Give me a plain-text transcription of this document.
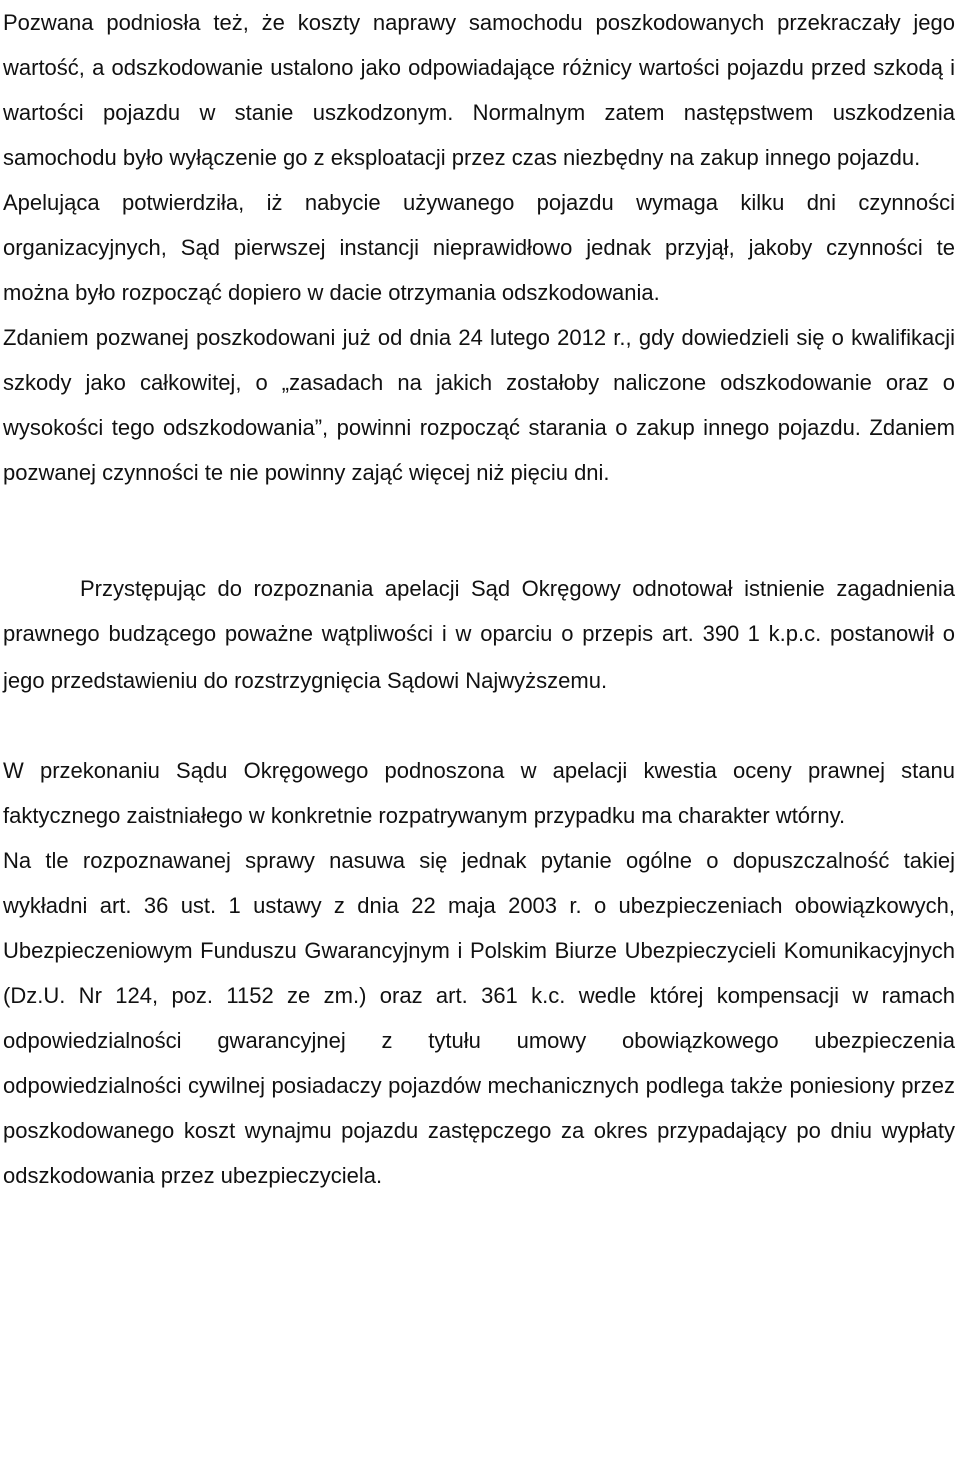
Pozwana podniosła też, że koszty naprawy samochodu poszkodowanych przekraczały jego wartość, a odszkodowanie ustalono jako odpowiadające różnicy wartości pojazdu przed szkodą i wartości pojazdu w stanie uszkodzonym. Normalnym zatem następstwem uszkodzenia samochodu było wyłączenie go z eksploatacji przez czas niezbędny na zakup innego pojazdu.

Apelująca potwierdziła, iż nabycie używanego pojazdu wymaga kilku dni czynności organizacyjnych, Sąd pierwszej instancji nieprawidłowo jednak przyjął, jakoby czynności te można było rozpocząć dopiero w dacie otrzymania odszkodowania.

Zdaniem pozwanej poszkodowani już od dnia 24 lutego 2012 r., gdy dowiedzieli się o kwalifikacji szkody jako całkowitej, o „zasadach na jakich zostałoby naliczone odszkodowanie oraz o wysokości tego odszkodowania”, powinni rozpocząć starania o zakup innego pojazdu. Zdaniem pozwanej czynności te nie powinny zająć więcej niż pięciu dni.

Przystępując do rozpoznania apelacji Sąd Okręgowy odnotował istnienie zagadnienia prawnego budzącego poważne wątpliwości i w oparciu o przepis art. 390 1 k.p.c. postanowił o jego przedstawieniu do rozstrzygnięcia Sądowi Najwyższemu.

W przekonaniu Sądu Okręgowego podnoszona w apelacji kwestia oceny prawnej stanu faktycznego zaistniałego w konkretnie rozpatrywanym przypadku ma charakter wtórny.

Na tle rozpoznawanej sprawy nasuwa się jednak pytanie ogólne o dopuszczalność takiej wykładni art. 36 ust. 1 ustawy z dnia 22 maja 2003 r. o ubezpieczeniach obowiązkowych, Ubezpieczeniowym Funduszu Gwarancyjnym i Polskim Biurze Ubezpieczycieli Komunikacyjnych (Dz.U. Nr 124, poz. 1152 ze zm.) oraz art. 361 k.c. wedle której kompensacji w ramach odpowiedzialności gwarancyjnej z tytułu umowy obowiązkowego ubezpieczenia odpowiedzialności cywilnej posiadaczy pojazdów mechanicznych podlega także poniesiony przez poszkodowanego koszt wynajmu pojazdu zastępczego za okres przypadający po dniu wypłaty odszkodowania przez ubezpieczyciela.
